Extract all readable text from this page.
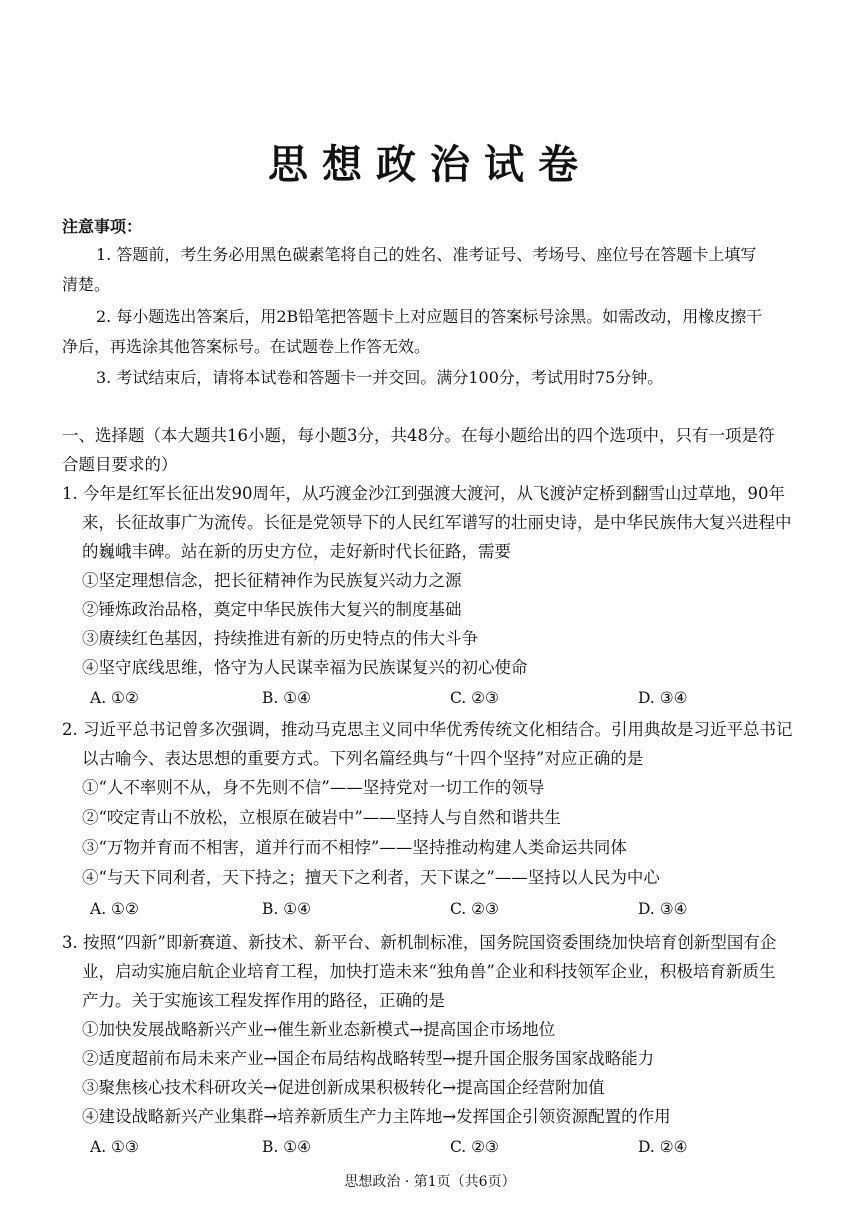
思想政治试卷
注意事项：
1. 答题前，考生务必用黑色碳素笔将自己的姓名、准考证号、考场号、座位号在答题卡上填写
清楚。
2. 每小题选出答案后，用2B铅笔把答题卡上对应题目的答案标号涂黑。如需改动，用橡皮擦干
净后，再选涂其他答案标号。在试题卷上作答无效。
3. 考试结束后，请将本试卷和答题卡一并交回。满分100分，考试用时75分钟。
一、选择题（本大题共16小题，每小题3分，共48分。在每小题给出的四个选项中，只有一项是符
合题目要求的）
1. 今年是红军长征出发90周年，从巧渡金沙江到强渡大渡河，从飞渡泸定桥到翻雪山过草地，90年
来，长征故事广为流传。长征是党领导下的人民红军谱写的壮丽史诗，是中华民族伟大复兴进程中
的巍峨丰碑。站在新的历史方位，走好新时代长征路，需要
①坚定理想信念，把长征精神作为民族复兴动力之源
②锤炼政治品格，奠定中华民族伟大复兴的制度基础
③赓续红色基因，持续推进有新的历史特点的伟大斗争
④坚守底线思维，恪守为人民谋幸福为民族谋复兴的初心使命
A. ①②	B. ①④	C. ②③	D. ③④
2. 习近平总书记曾多次强调，推动马克思主义同中华优秀传统文化相结合。引用典故是习近平总书记
以古喻今、表达思想的重要方式。下列名篇经典与“十四个坚持”对应正确的是
①“人不率则不从，身不先则不信”——坚持党对一切工作的领导
②“咬定青山不放松，立根原在破岩中”——坚持人与自然和谐共生
③“万物并育而不相害，道并行而不相悖”——坚持推动构建人类命运共同体
④“与天下同利者，天下持之；擅天下之利者，天下谋之”——坚持以人民为中心
A. ①②	B. ①④	C. ②③	D. ③④
3. 按照“四新”即新赛道、新技术、新平台、新机制标准，国务院国资委围绕加快培育创新型国有企
业，启动实施启航企业培育工程，加快打造未来“独角兽”企业和科技领军企业，积极培育新质生
产力。关于实施该工程发挥作用的路径，正确的是
①加快发展战略新兴产业→催生新业态新模式→提高国企市场地位
②适度超前布局未来产业→国企布局结构战略转型→提升国企服务国家战略能力
③聚焦核心技术科研攻关→促进创新成果积极转化→提高国企经营附加值
④建设战略新兴产业集群→培养新质生产力主阵地→发挥国企引领资源配置的作用
A. ①③	B. ①④	C. ②③	D. ②④
思想政治 · 第1页（共6页）
